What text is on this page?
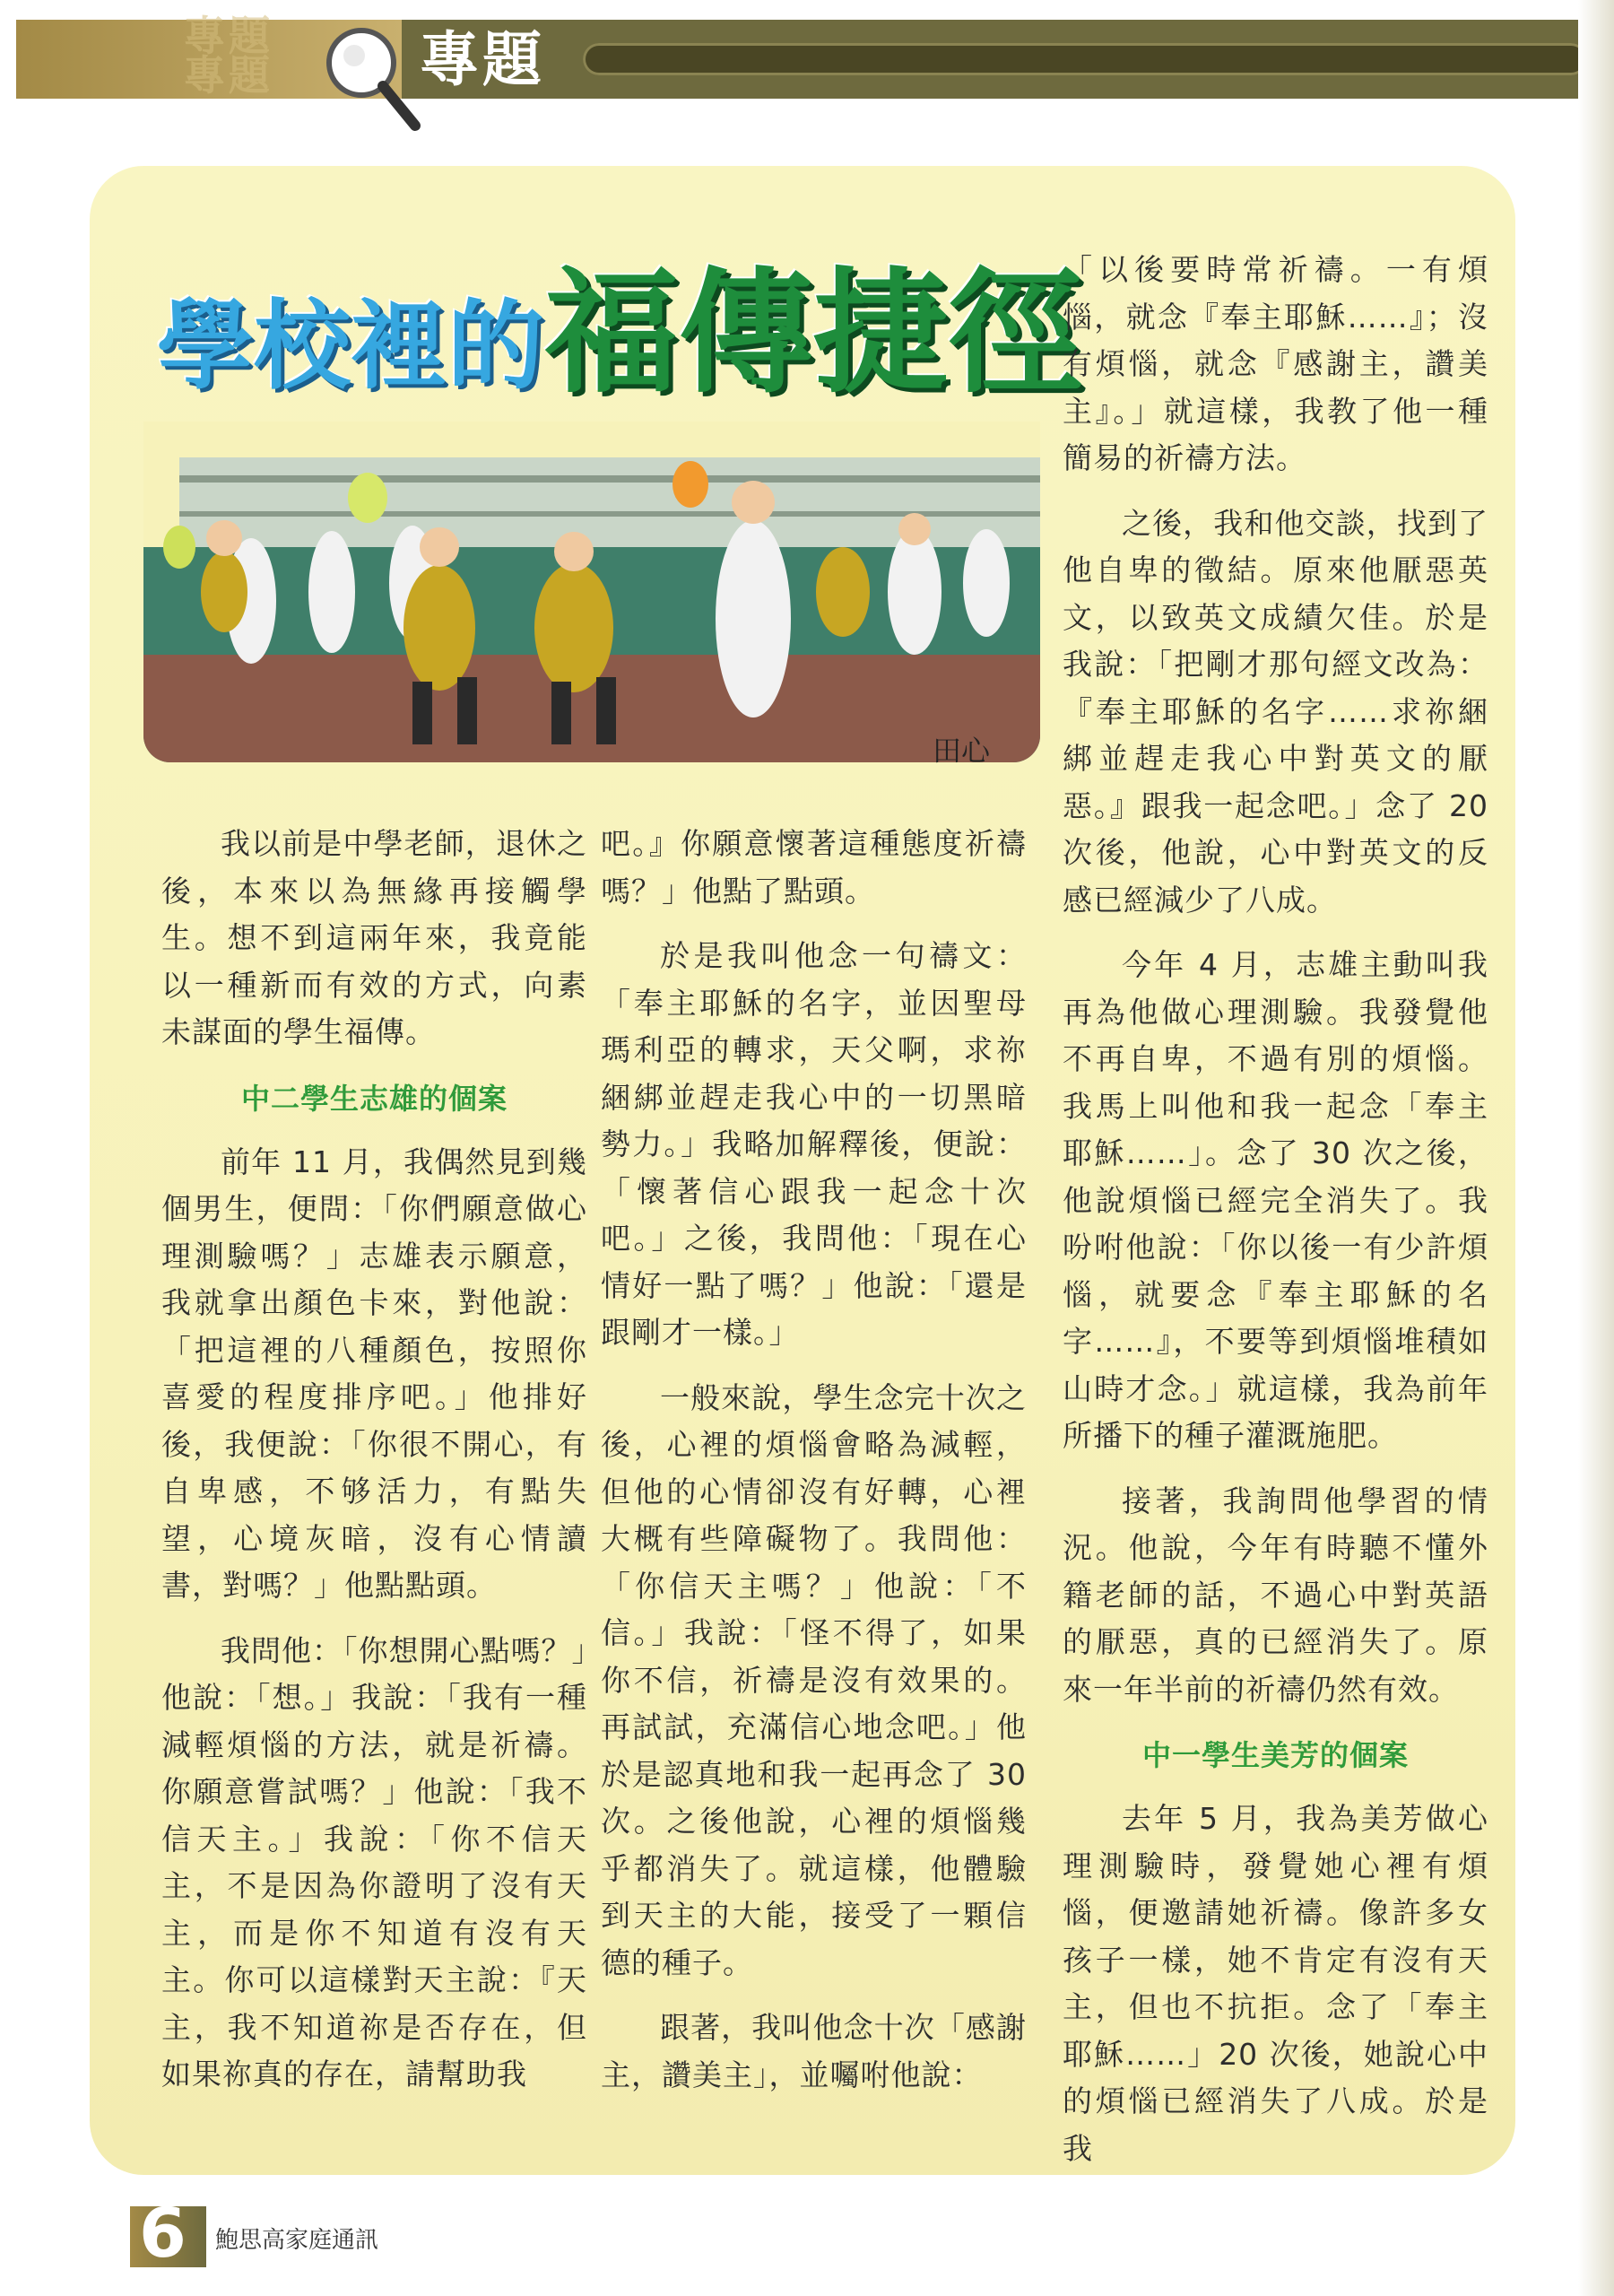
專題
專題 專題
學校裡的福傳捷徑
田心

我以前是中學老師，退休之後，本來以為無緣再接觸學生。想不到這兩年來，我竟能以一種新而有效的方式，向素未謀面的學生福傳。

中二學生志雄的個案

前年 11 月，我偶然見到幾個男生，便問：「你們願意做心理測驗嗎？」志雄表示願意，我就拿出顏色卡來，對他說：「把這裡的八種顏色，按照你喜愛的程度排序吧。」他排好後，我便說：「你很不開心，有自卑感，不够活力，有點失望，心境灰暗，沒有心情讀書，對嗎？」他點點頭。

我問他：「你想開心點嗎？」他說：「想。」我說：「我有一種減輕煩惱的方法，就是祈禱。你願意嘗試嗎？」他說：「我不信天主。」我說：「你不信天主，不是因為你證明了沒有天主，而是你不知道有沒有天主。你可以這樣對天主說：『天主，我不知道祢是否存在，但如果祢真的存在，請幫助我

吧。』你願意懷著這種態度祈禱嗎？」他點了點頭。

於是我叫他念一句禱文：「奉主耶穌的名字，並因聖母瑪利亞的轉求，天父啊，求祢綑綁並趕走我心中的一切黑暗勢力。」我略加解釋後，便說：「懷著信心跟我一起念十次吧。」之後，我問他：「現在心情好一點了嗎？」他說：「還是跟剛才一樣。」

一般來說，學生念完十次之後，心裡的煩惱會略為減輕，但他的心情卻沒有好轉，心裡大概有些障礙物了。我問他：「你信天主嗎？」他說：「不信。」我說：「怪不得了，如果你不信，祈禱是沒有效果的。再試試，充滿信心地念吧。」他於是認真地和我一起再念了 30 次。之後他說，心裡的煩惱幾乎都消失了。就這樣，他體驗到天主的大能，接受了一顆信德的種子。

跟著，我叫他念十次「感謝主，讚美主」，並囑咐他說：

「以後要時常祈禱。一有煩惱，就念『奉主耶穌……』；沒有煩惱，就念『感謝主，讚美主』。」就這樣，我教了他一種簡易的祈禱方法。

之後，我和他交談，找到了他自卑的徵結。原來他厭惡英文，以致英文成績欠佳。於是我說：「把剛才那句經文改為：『奉主耶穌的名字……求祢綑綁並趕走我心中對英文的厭惡。』跟我一起念吧。」念了 20 次後，他說，心中對英文的反感已經減少了八成。

今年 4 月，志雄主動叫我再為他做心理測驗。我發覺他不再自卑，不過有別的煩惱。我馬上叫他和我一起念「奉主耶穌……」。念了 30 次之後，他說煩惱已經完全消失了。我吩咐他說：「你以後一有少許煩惱，就要念『奉主耶穌的名字……』，不要等到煩惱堆積如山時才念。」就這樣，我為前年所播下的種子灌溉施肥。

接著，我詢問他學習的情況。他說，今年有時聽不懂外籍老師的話，不過心中對英語的厭惡，真的已經消失了。原來一年半前的祈禱仍然有效。

中一學生美芳的個案

去年 5 月，我為美芳做心理測驗時，發覺她心裡有煩惱，便邀請她祈禱。像許多女孩子一樣，她不肯定有沒有天主，但也不抗拒。念了「奉主耶穌……」20 次後，她說心中的煩惱已經消失了八成。於是我

6 鮑思高家庭通訊
